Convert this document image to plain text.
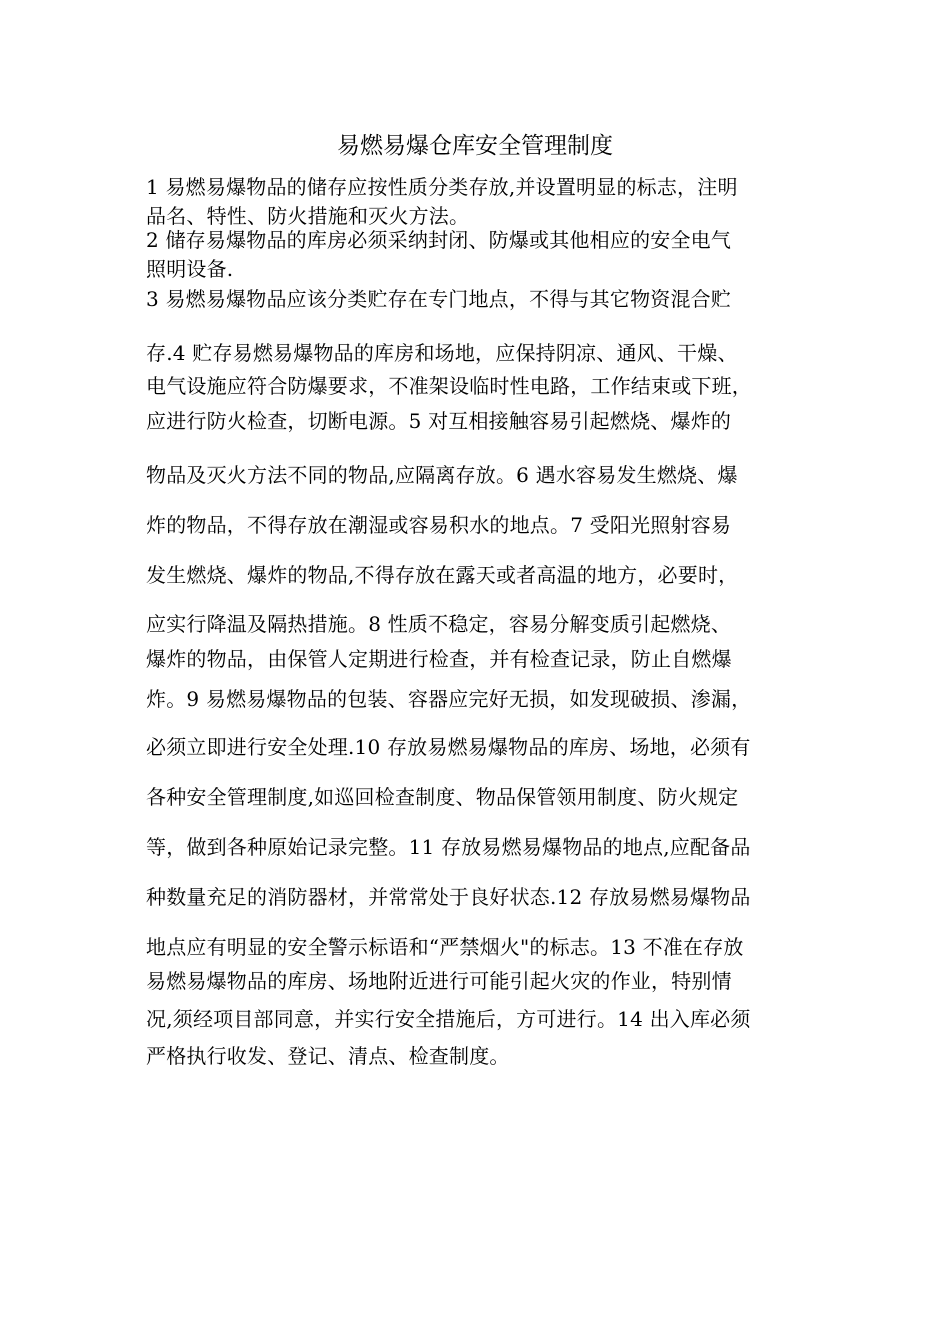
易燃易爆仓库安全管理制度
1 易燃易爆物品的储存应按性质分类存放,并设置明显的标志，注明
品名、特性、防火措施和灭火方法。
2 储存易爆物品的库房必须采纳封闭、防爆或其他相应的安全电气
照明设备.
3 易燃易爆物品应该分类贮存在专门地点，不得与其它物资混合贮
存.4 贮存易燃易爆物品的库房和场地，应保持阴凉、通风、干燥、
电气设施应符合防爆要求，不准架设临时性电路，工作结束或下班，
应进行防火检查，切断电源。5 对互相接触容易引起燃烧、爆炸的
物品及灭火方法不同的物品,应隔离存放。6 遇水容易发生燃烧、爆
炸的物品，不得存放在潮湿或容易积水的地点。7 受阳光照射容易
发生燃烧、爆炸的物品,不得存放在露天或者高温的地方，必要时，
应实行降温及隔热措施。8 性质不稳定，容易分解变质引起燃烧、
爆炸的物品，由保管人定期进行检查，并有检查记录，防止自燃爆
炸。9 易燃易爆物品的包装、容器应完好无损，如发现破损、渗漏，
必须立即进行安全处理.10 存放易燃易爆物品的库房、场地，必须有
各种安全管理制度,如巡回检查制度、物品保管领用制度、防火规定
等，做到各种原始记录完整。11 存放易燃易爆物品的地点,应配备品
种数量充足的消防器材，并常常处于良好状态.12 存放易燃易爆物品
地点应有明显的安全警示标语和“严禁烟火"的标志。13 不准在存放
易燃易爆物品的库房、场地附近进行可能引起火灾的作业，特别情
况,须经项目部同意，并实行安全措施后，方可进行。14 出入库必须
严格执行收发、登记、清点、检查制度。
